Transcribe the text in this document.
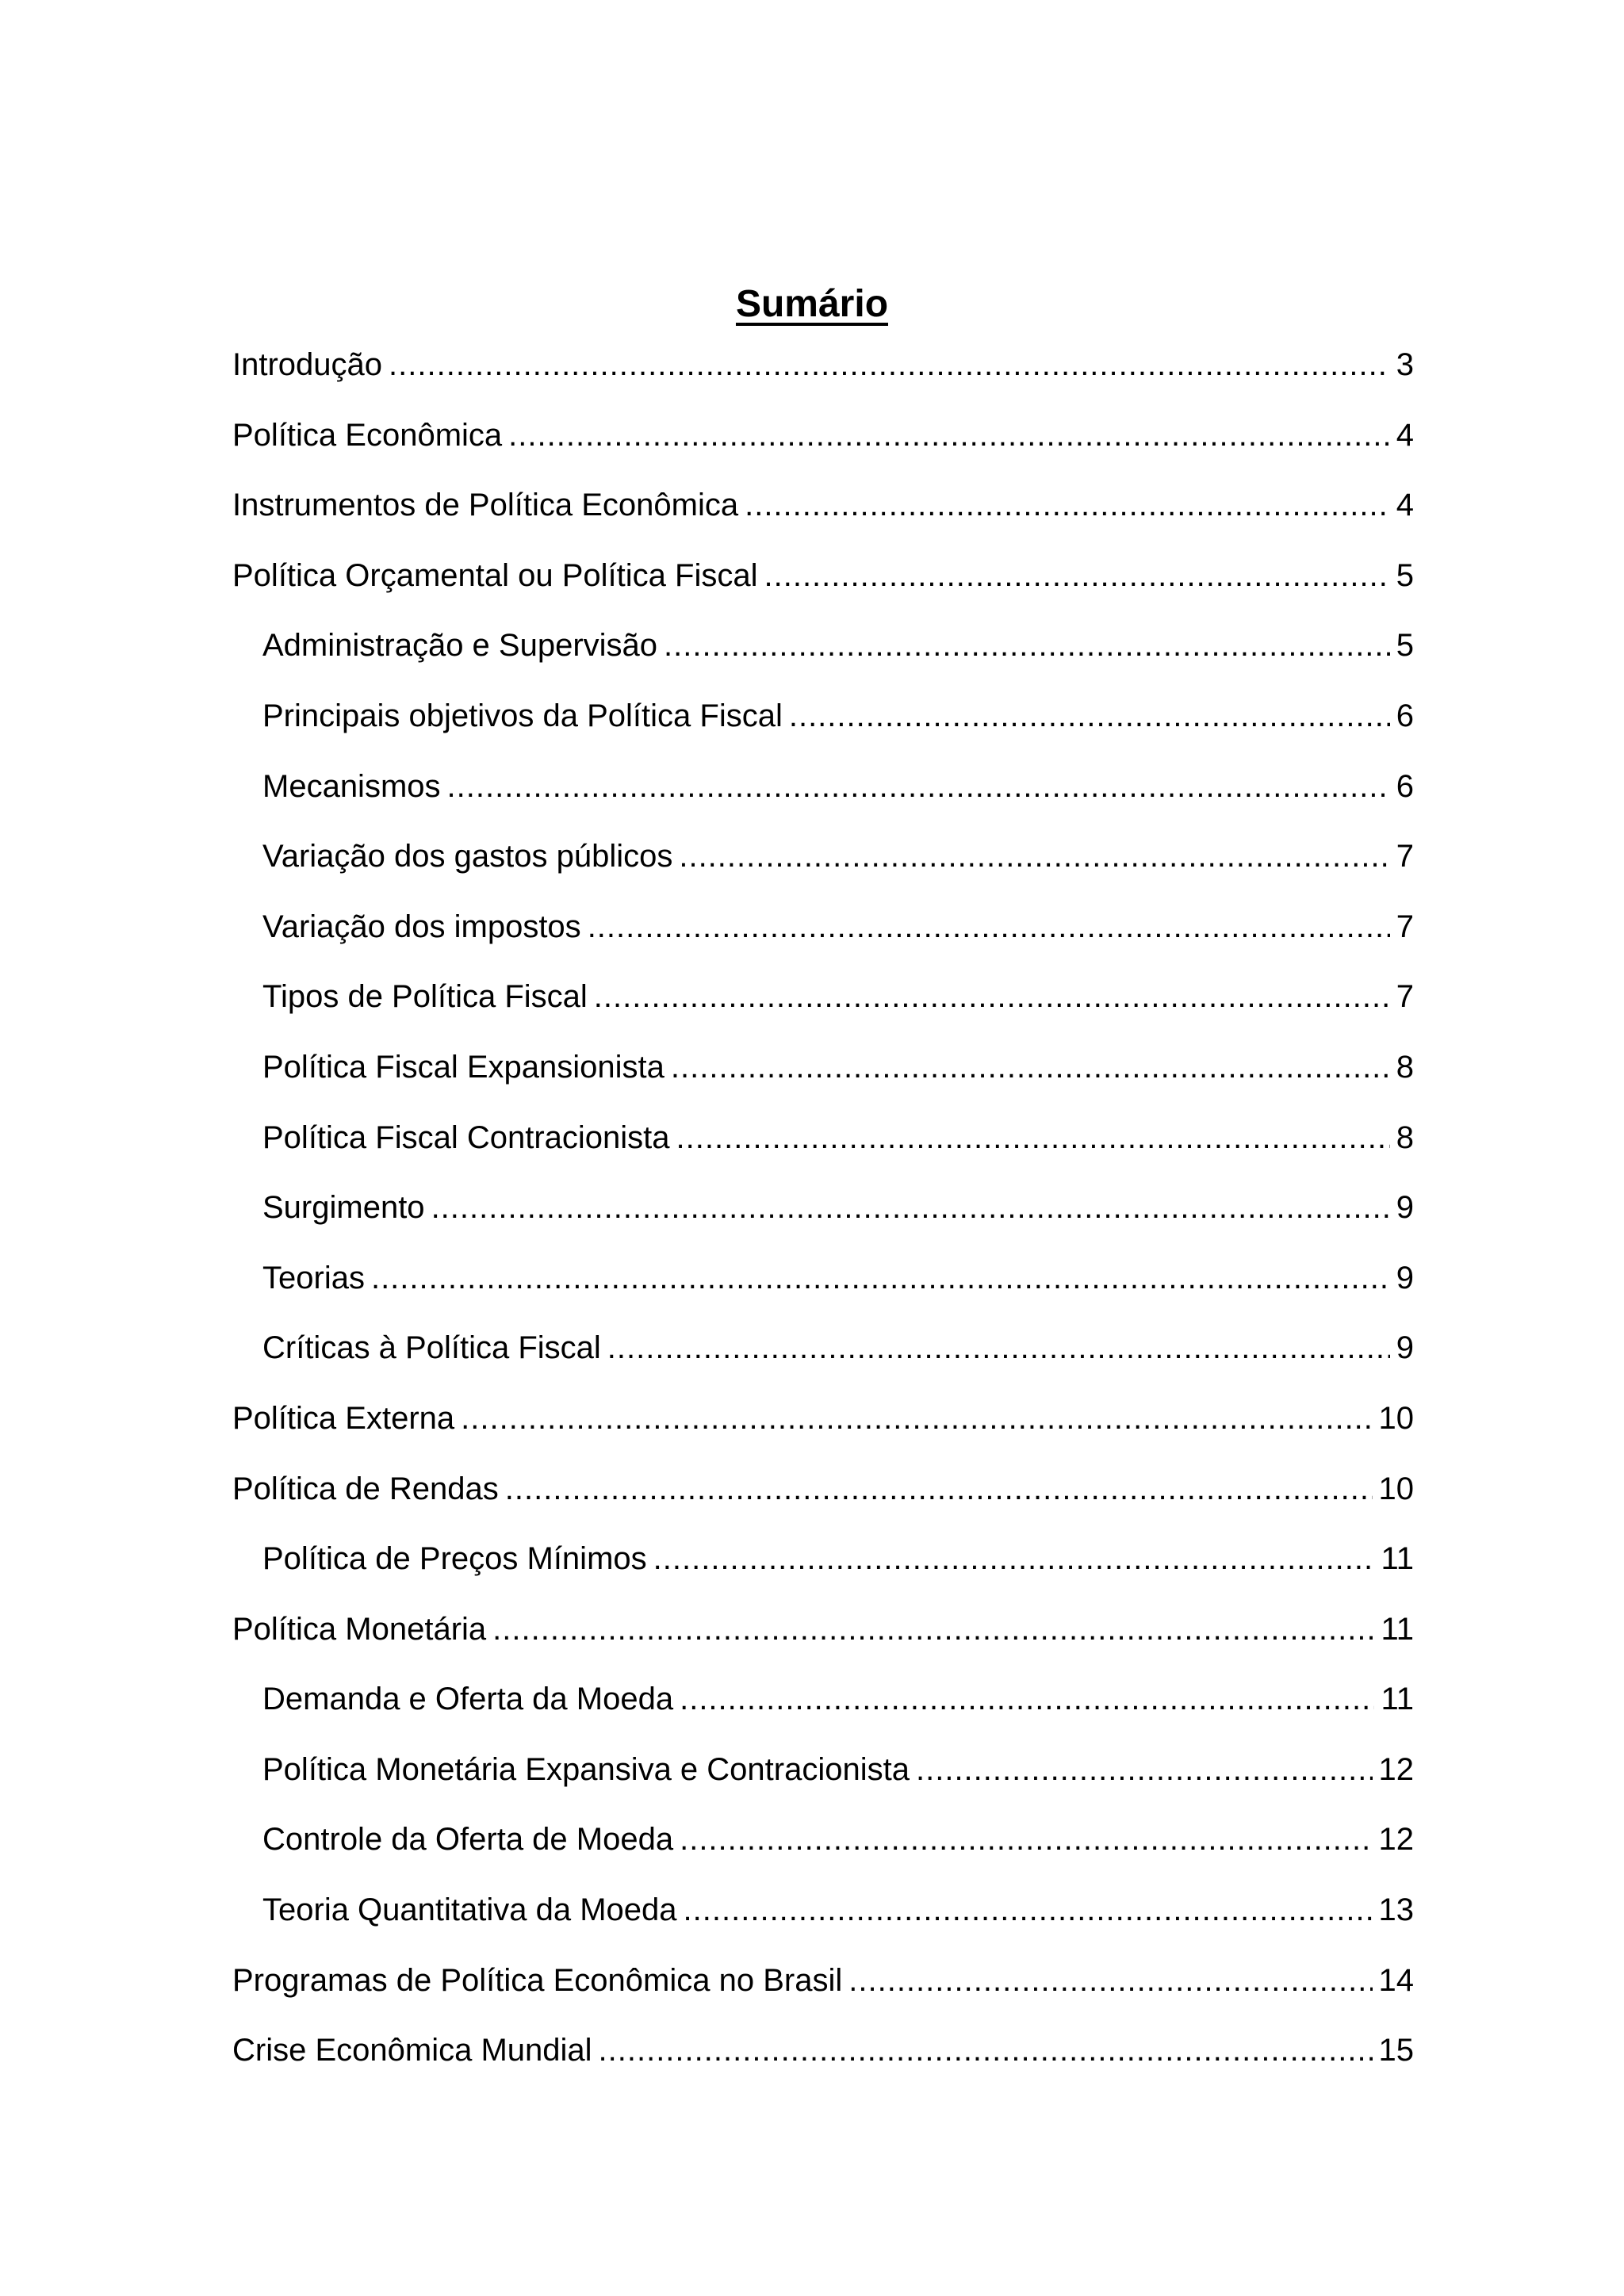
Sumário
Introdução .....	3
Política Econômica .....	4
Instrumentos de Política Econômica .....	4
Política Orçamental ou Política Fiscal .....	5
Administração e Supervisão .....	5
Principais objetivos da Política Fiscal .....	6
Mecanismos .....	6
Variação dos gastos públicos .....	7
Variação dos impostos .....	7
Tipos de Política Fiscal .....	7
Política Fiscal Expansionista .....	8
Política Fiscal Contracionista .....	8
Surgimento .....	9
Teorias .....	9
Críticas à Política Fiscal .....	9
Política Externa .....	10
Política de Rendas .....	10
Política de Preços Mínimos .....	11
Política Monetária .....	11
Demanda e Oferta da Moeda .....	11
Política Monetária Expansiva e Contracionista .....	12
Controle da Oferta de Moeda .....	12
Teoria Quantitativa da Moeda .....	13
Programas de Política Econômica no Brasil .....	14
Crise Econômica Mundial .....	15
